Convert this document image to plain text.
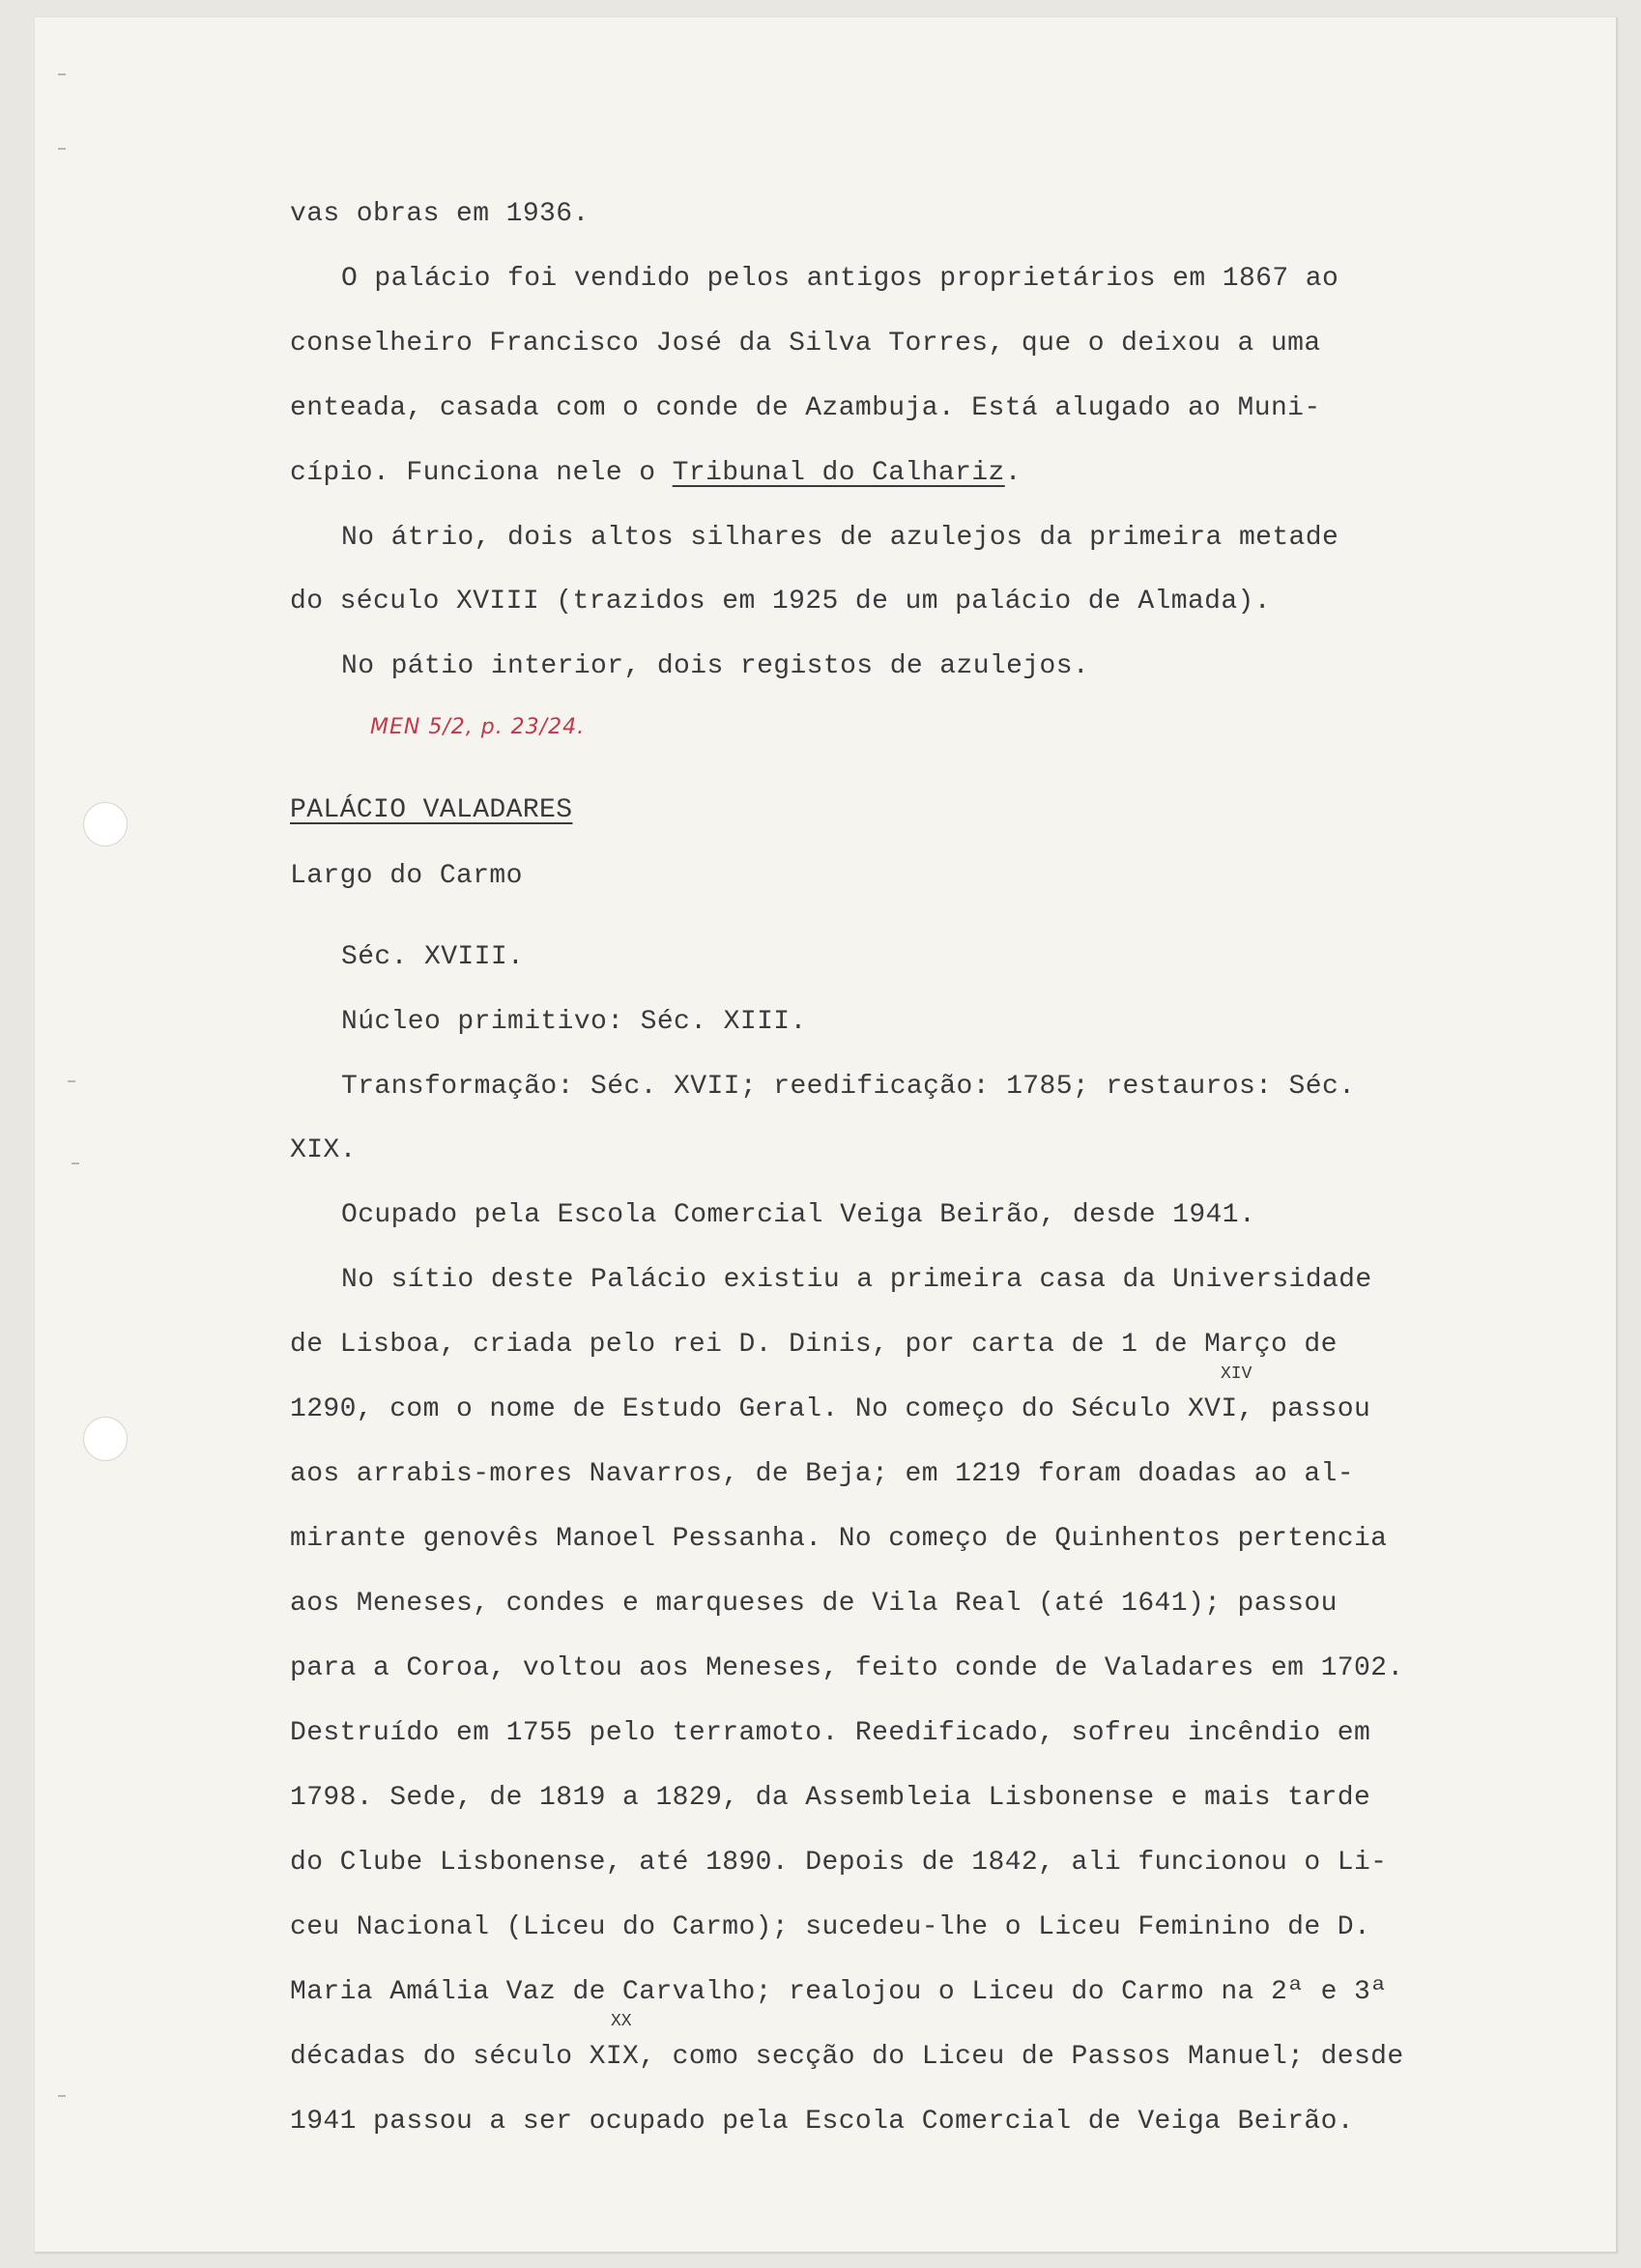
vas obras em 1936.
O palácio foi vendido pelos antigos proprietários em 1867 ao
conselheiro Francisco José da Silva Torres, que o deixou a uma
enteada, casada com o conde de Azambuja. Está alugado ao Muni-
cípio. Funciona nele o Tribunal do Calhariz.
No átrio, dois altos silhares de azulejos da primeira metade
do século XVIII (trazidos em 1925 de um palácio de Almada).
No pátio interior, dois registos de azulejos.
PALÁCIO VALADARES
Largo do Carmo
Séc. XVIII.
Núcleo primitivo: Séc. XIII.
Transformação: Séc. XVII; reedificação: 1785; restauros: Séc.
XIX.
Ocupado pela Escola Comercial Veiga Beirão, desde 1941.
No sítio deste Palácio existiu a primeira casa da Universidade
de Lisboa, criada pelo rei D. Dinis, por carta de 1 de Março de
1290, com o nome de Estudo Geral. No começo do Século XVI, passou
aos arrabis-mores Navarros, de Beja; em 1219 foram doadas ao al-
mirante genovês Manoel Pessanha. No começo de Quinhentos pertencia
aos Meneses, condes e marqueses de Vila Real (até 1641); passou
para a Coroa, voltou aos Meneses, feito conde de Valadares em 1702.
Destruído em 1755 pelo terramoto. Reedificado, sofreu incêndio em
1798. Sede, de 1819 a 1829, da Assembleia Lisbonense e mais tarde
do Clube Lisbonense, até 1890. Depois de 1842, ali funcionou o Li-
ceu Nacional (Liceu do Carmo); sucedeu-lhe o Liceu Feminino de D.
Maria Amália Vaz de Carvalho; realojou o Liceu do Carmo na 2ª e 3ª
décadas do século XIX, como secção do Liceu de Passos Manuel; desde
1941 passou a ser ocupado pela Escola Comercial de Veiga Beirão.
MEN 5/2, p. 23/24.
XIV
XX
